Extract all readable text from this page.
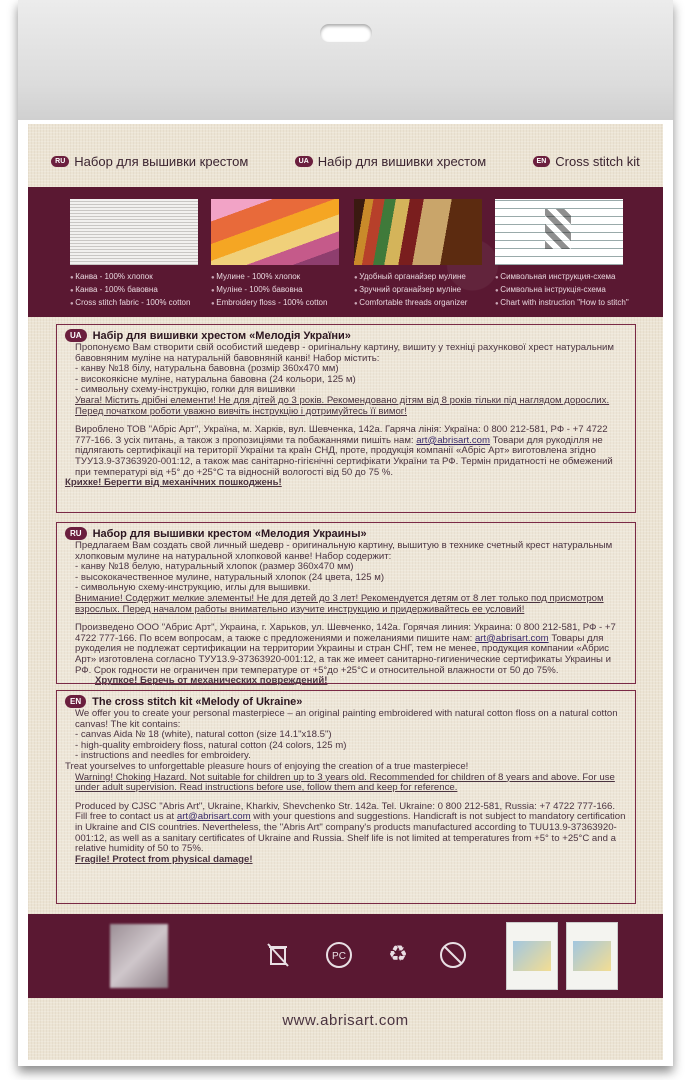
RU Набор для вышивки крестом	UA Набір для вишивки хрестом	EN Cross stitch kit
● Канва - 100% хлопок
● Канва - 100% бавовна
● Cross stitch fabric - 100% cotton
● Мулине - 100% хлопок
● Муліне - 100% бавовна
● Embroidery floss - 100% cotton
● Удобный органайзер мулине
● Зручний органайзер муліне
● Comfortable threads organizer
● Символьная инструкция-схема
● Символьна інструкція-схема
● Chart with instruction "How to stitch"
UA	Набір для вишивки хрестом «Мелодія України»

Пропонуємо Вам створити свій особистий шедевр - оригінальну картину, вишиту у техніці рахункової хрест натуральним бавовняним муліне на натуральній бавовняній канві! Набор містить:

- канву №18 білу, натуральна бавовна (розмір 360х470 мм)

- високоякісне муліне, натуральна бавовна (24 кольори, 125 м)

- символьну схему-інструкцію, голки для вишивки

Увага! Містить дрібні елементи! Не для дітей до 3 років. Рекомендовано дітям від 8 років тільки під наглядом дорослих. Перед початком роботи уважно вивчіть інструкцію і дотримуйтесь її вимог!

Виробленo ТОВ "Абріс Арт", Україна, м. Харків, вул. Шевченка, 142а. Гаряча лінія: Україна: 0 800 212-581, РФ - +7 4722 777-166. З усіх питань, а також з пропозиціями та побажаннями пишіть нам: art@abrisart.com Товари для рукоділля не підлягають сертифікації на території України та країн СНД, проте, продукція компанії «Абріс Арт» виготовлена згідно ТУУ13.9-37363920-001:12, а також має санітарно-гігієнічні сертифікати України та РФ. Термін придатності не обмежений при температурі від +5° до +25°С та відносній вологості від 50 до 75 %.

Крихке! Берегти від механічних пошкоджень!

RU	Набор для вышивки крестом «Мелодия Украины»

Предлагаем Вам создать свой личный шедевр - оригинальную картину, вышитую в технике счетный крест натуральным хлопковым мулине на натуральной хлопковой канве! Набор содержит:

- канву №18 белую, натуральный хлопок (размер 360х470 мм)

- высококачественное мулине, натуральный хлопок (24 цвета, 125 м)

- символьную схему-инструкцию, иглы для вышивки.

Внимание! Содержит мелкие элементы! Не для детей до 3 лет! Рекомендуется детям от 8 лет только под присмотром взрослых. Перед началом работы внимательно изучите инструкцию и придерживайтесь ее условий!

Произведено ООО "Абрис Арт", Украина, г. Харьков, ул. Шевченко, 142а. Горячая линия: Украина: 0 800 212-581, РФ - +7 4722 777-166. По всем вопросам, а также с предложениями и пожеланиями пишите нам: art@abrisart.com Товары для рукоделия не подлежат сертификации на территории Украины и стран СНГ, тем не менее, продукция компании «Абрис Арт» изготовлена согласно ТУУ13.9-37363920-001:12, а так же имеет санитарно-гигиенические сертификаты Украины и РФ. Срок годности не ограничен при температуре от +5°до +25°С и относительной влажности от 50 до 75%.

Хрупкое! Беречь от механических повреждений!

EN	The cross stitch kit «Melody of Ukraine»

We offer you to create your personal masterpiece – an original painting embroidered with natural cotton floss on a natural cotton canvas! The kit contains:

- canvas Aida № 18 (white), natural cotton (size 14.1"x18.5")

- high-quality embroidery floss, natural cotton (24 colors, 125 m)

- instructions and needles for embroidery.

Treat yourselves to unforgettable pleasure hours of enjoying the creation of a true masterpiece!

Warning! Choking Hazard. Not suitable for children up to 3 years old. Recommended for children of 8 years and above. For use under adult supervision. Read instructions before use, follow them and keep for reference.

Produced by CJSC "Abris Art", Ukraine, Kharkiv, Shevchenko Str. 142a. Tel. Ukraine: 0 800 212-581, Russia: +7 4722 777-166. Fill free to contact us at art@abrisart.com with your questions and suggestions. Handicraft is not subject to mandatory certification in Ukraine and CIS countries. Nevertheless, the "Abris Art" company's products manufactured according to TUU13.9-37363920-001:12, as well as a sanitary certificates of Ukraine and Russia. Shelf life is not limited at temperatures from +5° to +25°C and a relative humidity of 50 to 75%.

Fragile! Protect from physical damage!

PC ♻
www.abrisart.com
